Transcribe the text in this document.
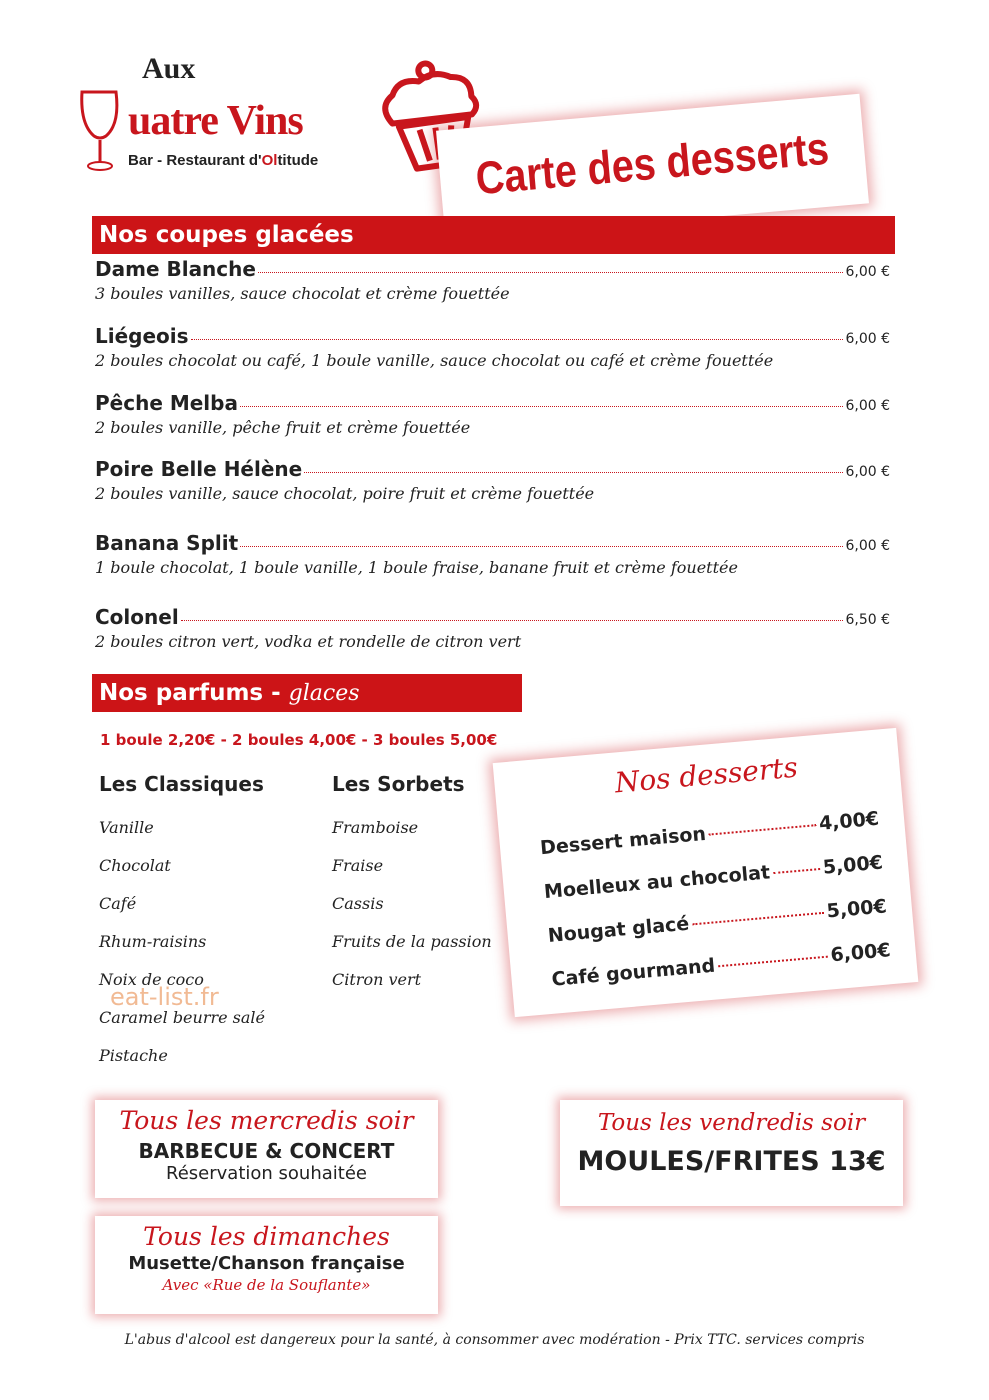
Aux
uatre Vins
Bar - Restaurant d'Oltitude	Carte des desserts
Nos coupes glacées
Dame Blanche	6,00 €
3 boules vanilles, sauce chocolat et crème fouettée
Liégeois	6,00 €
2 boules chocolat ou café, 1 boule vanille, sauce chocolat ou café et crème fouettée
Pêche Melba	6,00 €
2 boules vanille, pêche fruit et crème fouettée
Poire Belle Hélène	6,00 €
2 boules vanille, sauce chocolat, poire fruit et crème fouettée
Banana Split	6,00 €
1 boule chocolat, 1 boule vanille, 1 boule fraise, banane fruit et crème fouettée
Colonel	6,50 €
2 boules citron vert, vodka et rondelle de citron vert
Nos parfums - glaces
1 boule 2,20€ - 2 boules 4,00€ - 3 boules 5,00€
Les Classiques
Vanille
Chocolat
Café
Rhum-raisins
Noix de coco
Caramel beurre salé
Pistache
Les Sorbets
Framboise
Fraise
Cassis
Fruits de la passion
Citron vert
eat-list.fr
Nos desserts
Dessert maison
4,00€
Moelleux au chocolat	5,00€
Nougat glacé
5,00€
Café gourmand
6,00€
Tous les mercredis soir
BARBECUE & CONCERT
Réservation souhaitée
Tous les vendredis soir
MOULES/FRITES 13€
Tous les dimanches
Musette/Chanson française
Avec «Rue de la Souflante»
L'abus d'alcool est dangereux pour la santé, à consommer avec modération - Prix TTC. services compris
